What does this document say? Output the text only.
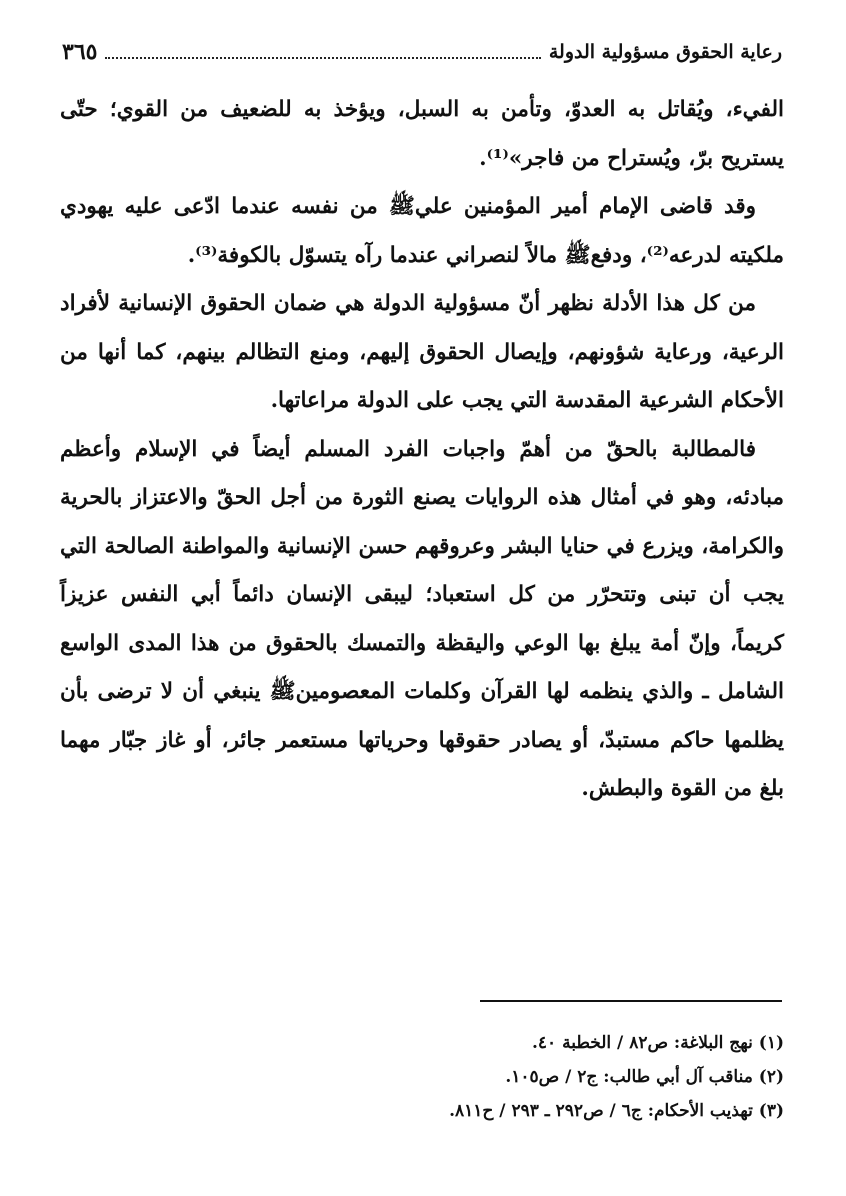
رعاية الحقوق مسؤولية الدولة
٣٦٥

الفيء، ويُقاتل به العدوّ، وتأمن به السبل، ويؤخذ به للضعيف من القوي؛ حتّى يستريح برّ، ويُستراح من فاجر»⁽¹⁾.

وقد قاضى الإمام أمير المؤمنين عليﷺ من نفسه عندما ادّعى عليه يهودي ملكيته لدرعه⁽²⁾، ودفعﷺ مالاً لنصراني عندما رآه يتسوّل بالكوفة⁽³⁾.

من كل هذا الأدلة نظهر أنّ مسؤولية الدولة هي ضمان الحقوق الإنسانية لأفراد الرعية، ورعاية شؤونهم، وإيصال الحقوق إليهم، ومنع التظالم بينهم، كما أنها من الأحكام الشرعية المقدسة التي يجب على الدولة مراعاتها.

فالمطالبة بالحقّ من أهمّ واجبات الفرد المسلم أيضاً في الإسلام وأعظم مبادئه، وهو في أمثال هذه الروايات يصنع الثورة من أجل الحقّ والاعتزاز بالحرية والكرامة، ويزرع في حنايا البشر وعروقهم حسن الإنسانية والمواطنة الصالحة التي يجب أن تبنى وتتحرّر من كل استعباد؛ ليبقى الإنسان دائماً أبي النفس عزيزاً كريماً، وإنّ أمة يبلغ بها الوعي واليقظة والتمسك بالحقوق من هذا المدى الواسع الشامل ـ والذي ينظمه لها القرآن وكلمات المعصومينﷺ ينبغي أن لا ترضى بأن يظلمها حاكم مستبدّ، أو يصادر حقوقها وحرياتها مستعمر جائر، أو غاز جبّار مهما بلغ من القوة والبطش.

(١) نهج البلاغة: ص٨٢ / الخطبة ٤٠.
(٢) مناقب آل أبي طالب: ج٢ / ص١٠٥.
(٣) تهذيب الأحكام: ج٦ / ص٢٩٢ ـ ٢٩٣ / ح٨١١.
